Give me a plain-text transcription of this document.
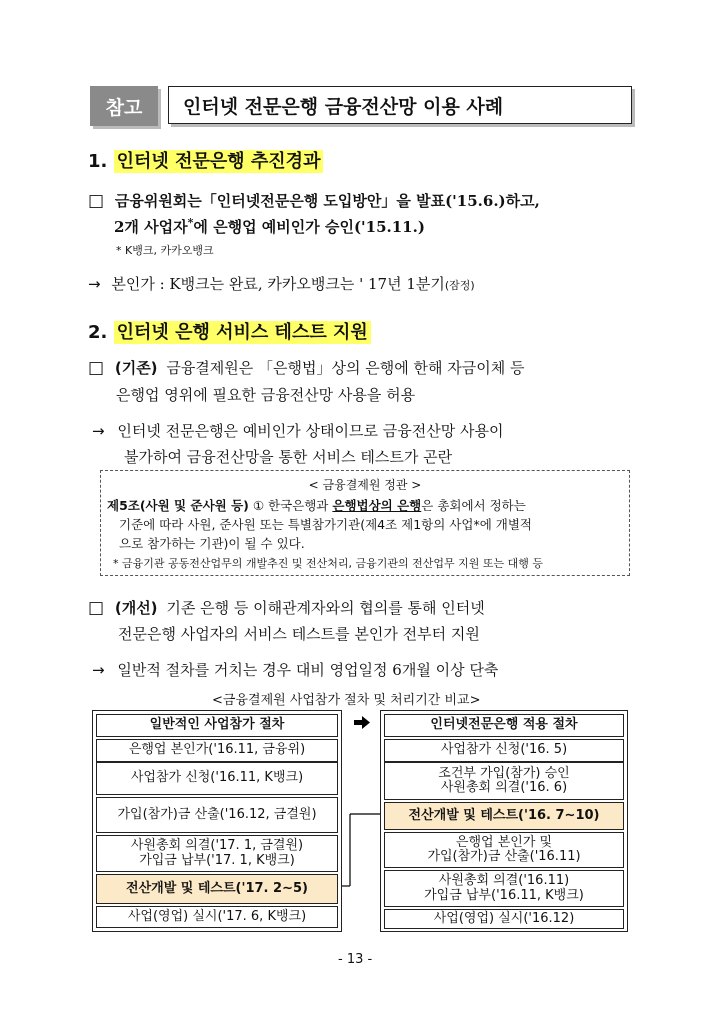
참고	인터넷 전문은행 금융전산망 이용 사례
1. 인터넷 전문은행 추진경과
□ 금융위원회는「인터넷전문은행 도입방안」을 발표('15.6.)하고,
2개 사업자*에 은행업 예비인가 승인('15.11.)
* K뱅크, 카카오뱅크
→ 본인가 : K뱅크는 완료, 카카오뱅크는 ' 17년 1분기(잠정)
2. 인터넷 은행 서비스 테스트 지원
□ (기존) 금융결제원은 「은행법」상의 은행에 한해 자금이체 등
은행업 영위에 필요한 금융전산망 사용을 허용
→ 인터넷 전문은행은 예비인가 상태이므로 금융전산망 사용이
불가하여 금융전산망을 통한 서비스 테스트가 곤란
< 금융결제원 정관 >
제5조(사원 및 준사원 등) ① 한국은행과 은행법상의 은행은 총회에서 정하는
기준에 따라 사원, 준사원 또는 특별참가기관(제4조 제1항의 사업*에 개별적
으로 참가하는 기관)이 될 수 있다.
* 금융기관 공동전산업무의 개발추진 및 전산처리, 금융기관의 전산업무 지원 또는 대행 등
□ (개선) 기존 은행 등 이해관계자와의 협의를 통해 인터넷
전문은행 사업자의 서비스 테스트를 본인가 전부터 지원
→ 일반적 절차를 거치는 경우 대비 영업일정 6개월 이상 단축
<금융결제원 사업참가 절차 및 처리기간 비교>
일반적인 사업참가 절차
은행업 본인가('16.11, 금융위)
사업참가 신청('16.11, K뱅크)
가입(참가)금 산출('16.12, 금결원)
사원총회 의결('17. 1, 금결원)
가입금 납부('17. 1, K뱅크)
전산개발 및 테스트('17. 2∼5)
사업(영업) 실시('17. 6, K뱅크)
인터넷전문은행 적용 절차
사업참가 신청('16. 5)
조건부 가입(참가) 승인
사원총회 의결('16. 6)
전산개발 및 테스트('16. 7∼10)
은행업 본인가 및
가입(참가)금 산출('16.11)
사원총회 의결('16.11)
가입금 납부('16.11, K뱅크)
사업(영업) 실시('16.12)
- 13 -
